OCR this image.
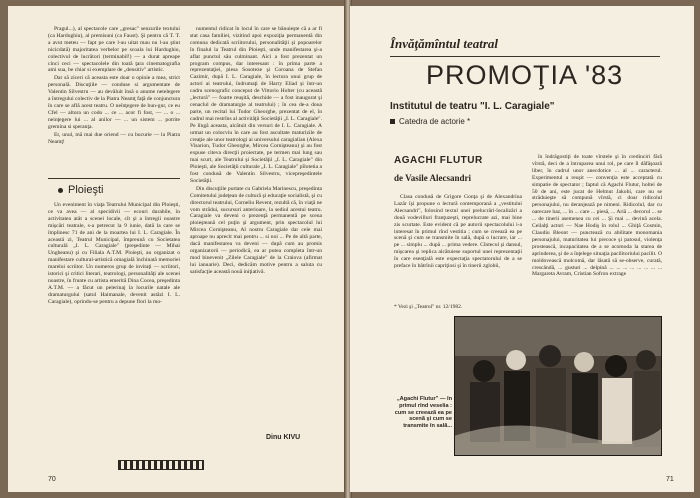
Pragul...), al spectacole care „gresac" senzurile textului (ca Hardughiu), al premisuni (ca Faust). Şi pentru că T. T. a avut meteu — fapt pe care l-au uitat mau nu l-au ştiut nicicdată) majoritatea verbelor pe scoala lui Hardughiu, colectivul de lucrători (terminabil!) — a durat apreape cinci ceci — spectacolele din toată ţara cinematografia ami sua, be chiar si exemplare de „densitiv" artistic.

Dar să ziceri că aceasta este doar o opinie a mea, strict personală. Discuţiile — conduse si argumentate de Valentin Silvestru — au devăluit însă o anume netelegere a întregului colectiv de la Piatra Neamţ faţă de conjunctura în care se află acest teatru. O neînţegere de bun-gur, ce eu Cfel — altora un codo ... ce ... acor fi fost, — ... o ... neinţegere lui ... al anilor — ... un sistem ... potrite gremina si speranţa.

Et, unul, mă mai due oriend — cu bucurie — la Piatra Neamţ!

Ploieşti

Un eveniment în viaţa Teatrului Municipal din Ploieşti, ce va avea — al specidivii — ecouri durabile, în activitatea atât a scenei locale, cît şi a întregii noastre mişcări teatrale, s-a petrecut la 9 iunie, dată la care se împlinesc 71 de ani de la moartea lui I. L. Caragiale. În această zi, Teatrul Municipal, împreună cu Societatea culturală „I. L. Caragiale" (preşedinte — Mihai Ungheanu) şi cu Filiala A.T.M. Ploieşti, au organizat o manifestare cultural-artistică omagială închinată memoriei marelui scriitor. Un numeros grup de invitaţi — scriitori, istorici şi critici literari, teatrologi, personalităţi ale scenei noastre, în frunte cu artista emerită Dina Cocea, preşedinta A.T.M. — a făcut un pelerinaj la locurile natale ale dramaturgului (satul Haimanale, devenit astăzi I. L. Caragiale), oprindu-se pentru a depune flori la mo-

numentul ridicat în locul în care se bănuieşte că a ar fi stat casa familiei, vizitind apoi expoziţia permanentă din comuna dedicată scriitorului, personalităţii şi popoarelor în finalul la Teatrul din Ploieşti, unde manifestarea şi-a aflat punctul său culminant. Aici a fost prezentat un program compus, dar interesant : în prima parte a reprezentaţiei, piesa Sosoteze şi Coroana de Stefan Cazimir, după I. L. Caragiale, în lectura unui grup de actori ai teatrului, îndrumaţi de Harry Eliad şi într-un cadru scenografic conceput de Vittorio Holter (cu această „lectură" — foarte reuşită, deschide — a fost inaugurat şi cenaclul de dramaturgie al teatrului) ; în cea de-a doua parte, un recital lui Tudor Gheorghe, prezentat de el, în cadrul mai restrîns al activităţii Societăţii „I. L. Caragiale". Pe lîngă aceasta, alcătuit din versuri de I. L. Caragiale. A urmat un colocviu în care au fost ascultate maturizile de creaţie ale unor teatrologi ai universului caragialian (Alexa Visarion, Tudor Gheorghe, Mircea Cornişteanu) şi au fost expuse citeva direcţii proiectate, pe termen mai lung sau mai scurt, ale Teatrului şi Societăţii „I. L. Caragiale" din Ploieşti, ale Societăţii culturale „I. L. Caragiale" pîlotetia a fost condusă de Valentin Silvestru, vicepreşedintele Societăţii.

Din discuţiile purtate cu Gabriela Marinescu, preşedinta Comitetului judeţean de cultură şi educaţie socialistă, şi cu directorul teatrului, Corneliu Revent, rezultă că, în viaţă ne vom strădui, sucursuri anterioare, la sediul acestui teatru. Caragiale va deveni o prezenţă permanentă pe scena ploieşteană cel puţin şi argument, prin spectacolul lui Mircea Cornişteanu, Al nostru Caragiale dar cele mai aproape nu aprecit mai pentru ... si noi ... Pe de altă parte, dacă manifestarea va deveni — după cum au promis organizatorii — periodică, ea ar putea completa într-un mod binevenit „Zilele Caragiale" de la Craiova (afirmat lui ianuarie). Deci, dedicăm motive pentru a saluta cu satisfacţie această nouă iniţiativă.

Dinu KIVU
70
Învăţămîntul teatral
PROMOŢIA '83
Institutul de teatru "I. L. Caragiale"
Catedra de actorie *
AGACHI FLUTUR
de Vasile Alecsandri

Clasa condusă de Grigore Gonţa şi de Alexandrina Lazăr îşi propune o lectură contemporană a „vestitului Alecsandri", folosind textul unei prelucrări-localizări a două vodevilluri franţuzeşti, reprelucrate azi, mai bine zis scurtate. Este evident că pe autorii spectacolului i-a interesat în primul rînd vestitia ; cum se creează ea pe scenă şi cum se transmite în sală, după o lucrare, iar ... pe ... simplu ... după ... prima vedere. Cîntecul şi dansul, mişcarea şi replica alcătuiese suportul unei reprezentaţii în care esenţială este expectaţia spectatorului de a se preface în bătrînii capriţiosi şi în tinerii zglobii,

* Vezi şi „Teatrul" nr. 12/1982.

în îndrăgostiţi de toate vîrstele şi în credinciri fără vîrstă, deci de a întruparea unui rol, pe care îl dăfăşoară liber, în cadrul unor anecdotice ... al ... caracterul. Experimentul a reuşit — convenţia este acceptată cu simpatie de spectator ; faptul că Agachi Flutur, holtei de 50 de ani, este jucat de Helmut Jakobi, care nu se străduieşte să compună vîrstă, ci doar ridicolul personajului, nu deranjează pe nimeni. Ridicolul, dar cu oarecare haz, ... în ... care ... piesă, ... Ariă ... decorul ... se ... de tinerii asemenea cu cei ... Şi mai ... devină acela. Ceilalţi actori — Nae Hodiş în rolul ... Ghiţă Cosmin, Claudiu Bleont — punctează cu abilitate monomania personajului, maturitatea lui precoce şi patosul, violenţa prostească, incapacitatea de a se acomoda la starea de aprinderea, şi de a înţelege situaţia pacilitoriului pacilit. O moldovească molcomă, dar lăsată să se-observe, curată, crescândă, ... gusturi ... delpină ... ... ... ... ... ... ... ... Margareta Avram, Cristian Sofron extrage

„Agachi Flutur" — în primul rînd veselia : cum se creează ea pe scenă şi cum se transmite în sală...
71
